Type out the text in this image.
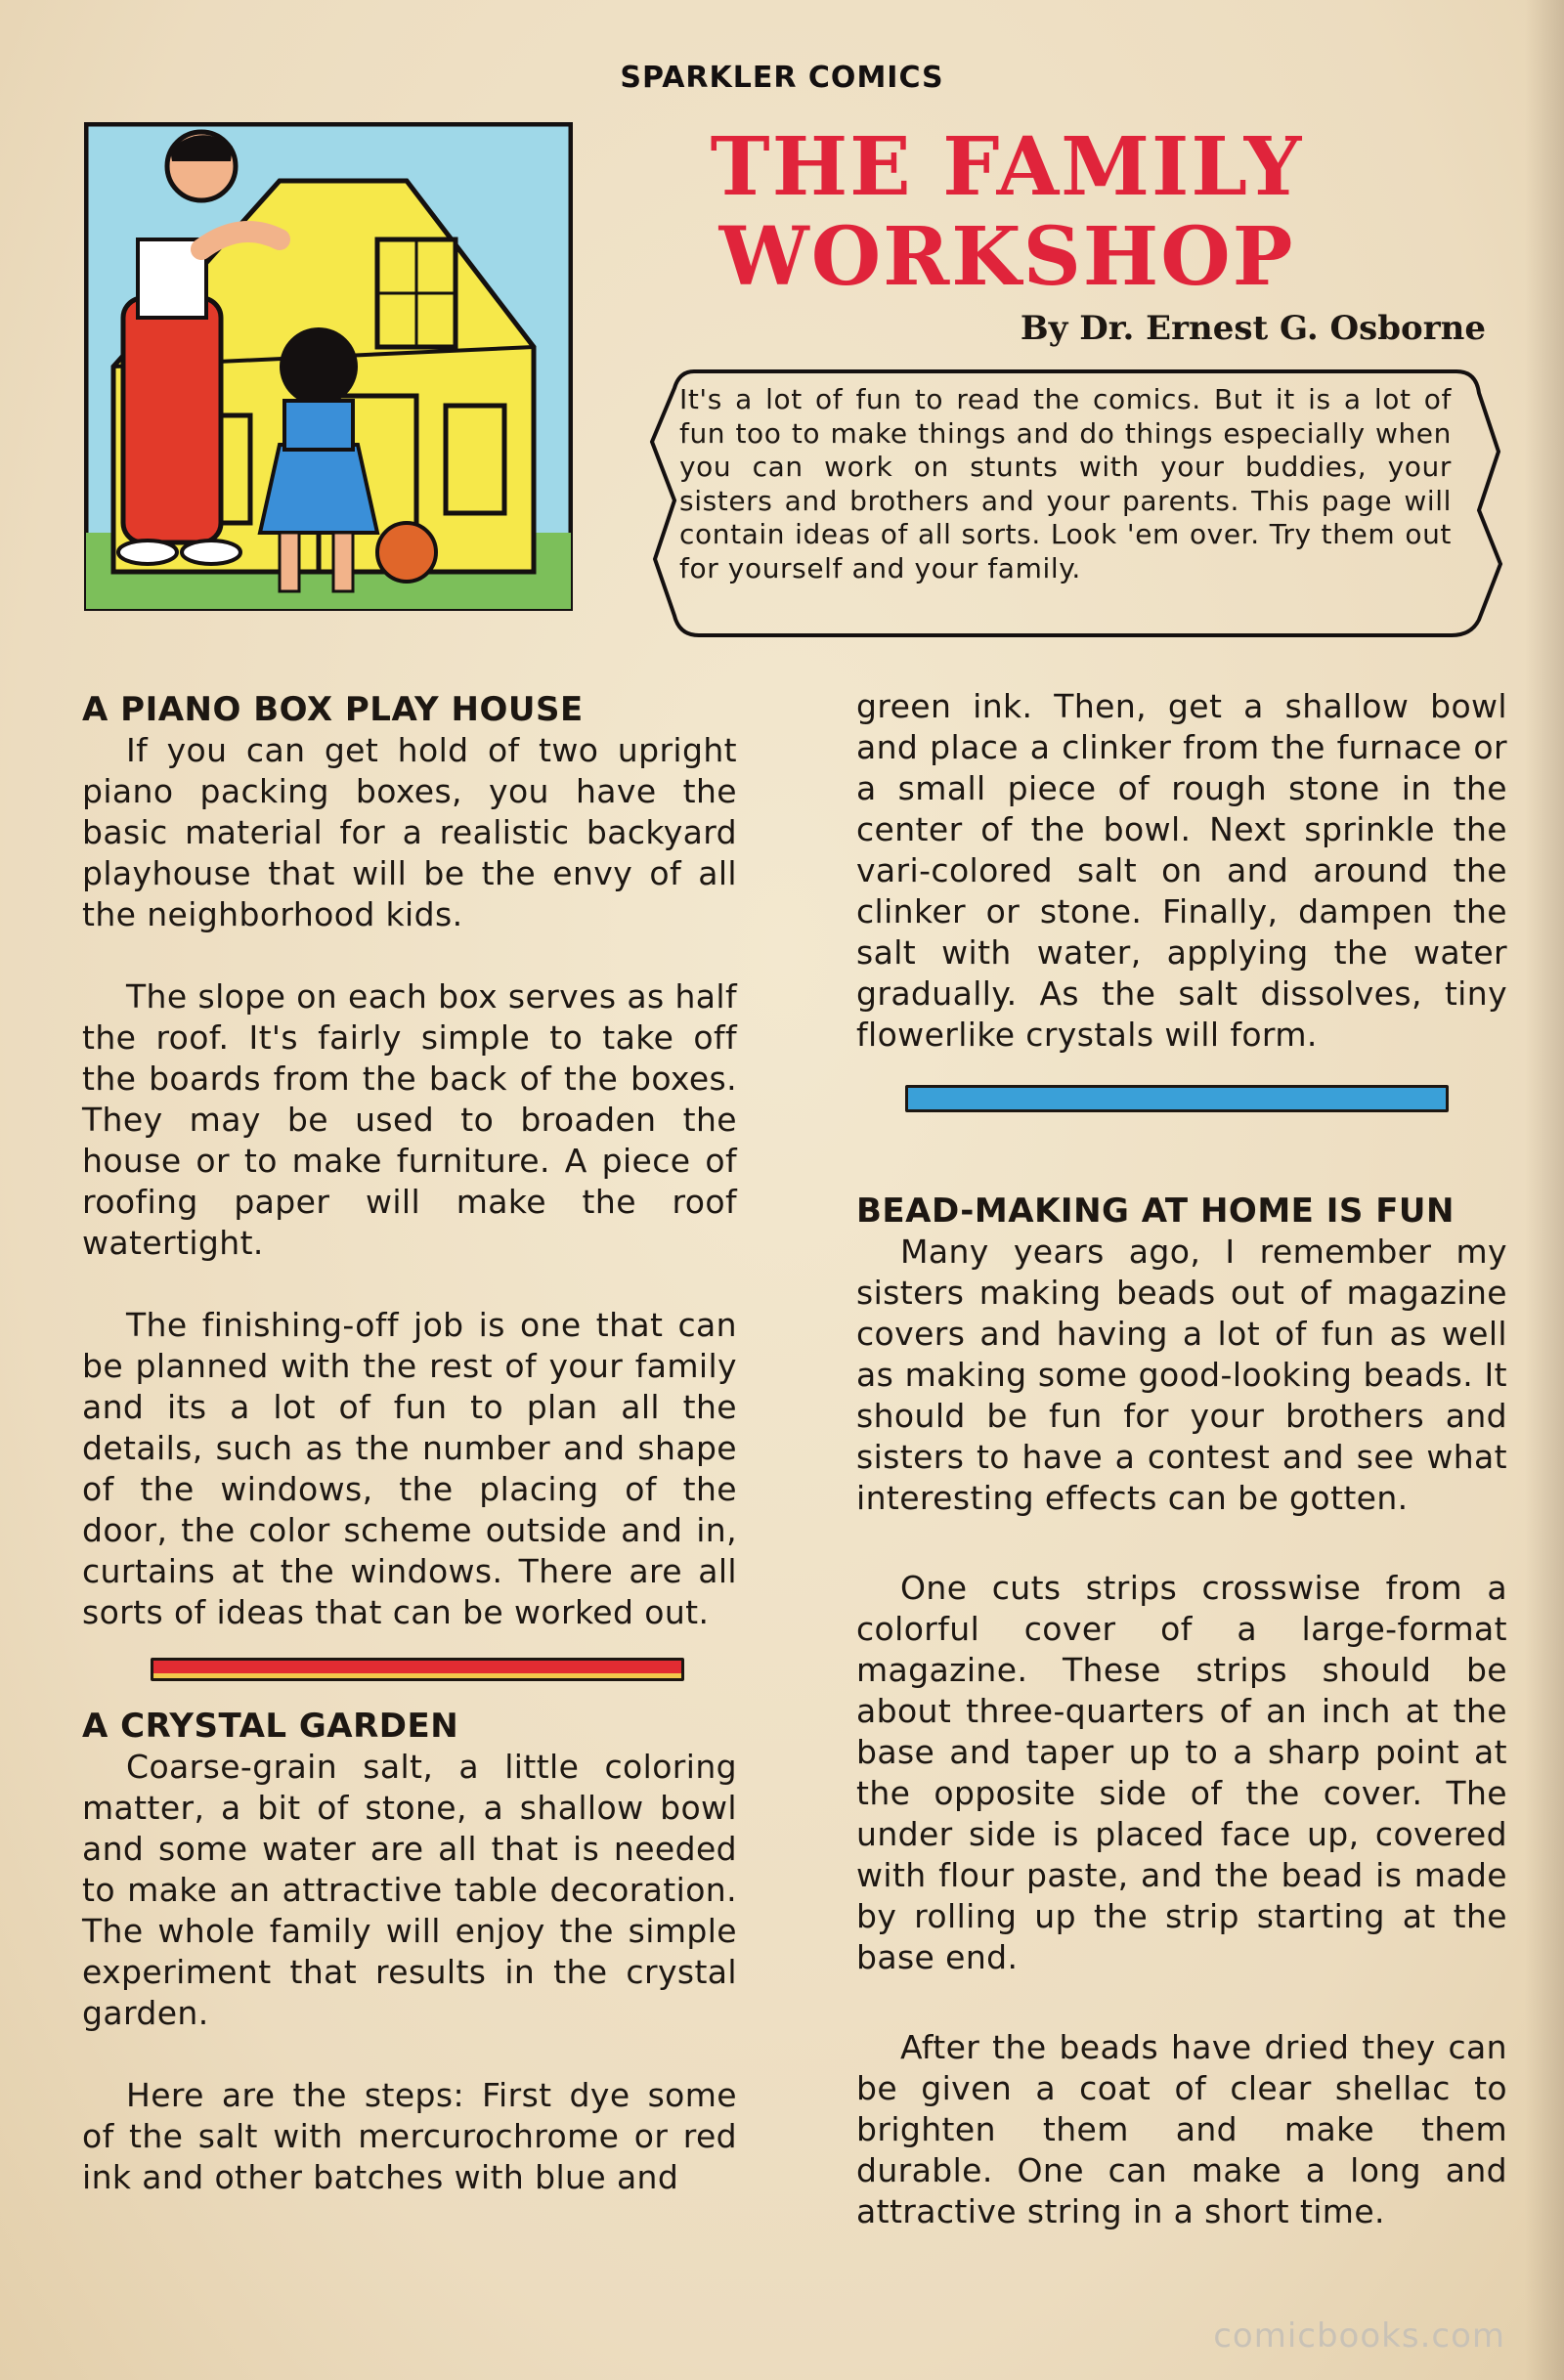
SPARKLER COMICS
THE FAMILY
WORKSHOP
By Dr. Ernest G. Osborne
It's a lot of fun to read the comics. But it is a lot of fun too to make things and do things especially when you can work on stunts with your buddies, your sisters and brothers and your parents. This page will contain ideas of all sorts. Look 'em over. Try them out for yourself and your family.
A PIANO BOX PLAY HOUSE

If you can get hold of two upright piano packing boxes, you have the basic material for a realistic backyard playhouse that will be the envy of all the neighborhood kids.

The slope on each box serves as half the roof. It's fairly simple to take off the boards from the back of the boxes. They may be used to broaden the house or to make furniture. A piece of roofing paper will make the roof watertight.

The finishing-off job is one that can be planned with the rest of your family and its a lot of fun to plan all the details, such as the number and shape of the windows, the placing of the door, the color scheme outside and in, curtains at the windows. There are all sorts of ideas that can be worked out.

A CRYSTAL GARDEN

Coarse-grain salt, a little coloring matter, a bit of stone, a shallow bowl and some water are all that is needed to make an attractive table decoration. The whole family will enjoy the simple experiment that results in the crystal garden.

Here are the steps: First dye some of the salt with mercurochrome or red ink and other batches with blue and

green ink. Then, get a shallow bowl and place a clinker from the furnace or a small piece of rough stone in the center of the bowl. Next sprinkle the vari-colored salt on and around the clinker or stone. Finally, dampen the salt with water, applying the water gradually. As the salt dissolves, tiny flowerlike crystals will form.

BEAD-MAKING AT HOME IS FUN

Many years ago, I remember my sisters making beads out of magazine covers and having a lot of fun as well as making some good-looking beads. It should be fun for your brothers and sisters to have a contest and see what interesting effects can be gotten.

One cuts strips crosswise from a colorful cover of a large-format magazine. These strips should be about three-quarters of an inch at the base and taper up to a sharp point at the opposite side of the cover. The under side is placed face up, covered with flour paste, and the bead is made by rolling up the strip starting at the base end.

After the beads have dried they can be given a coat of clear shellac to brighten them and make them durable. One can make a long and attractive string in a short time.

comicbooks.com
